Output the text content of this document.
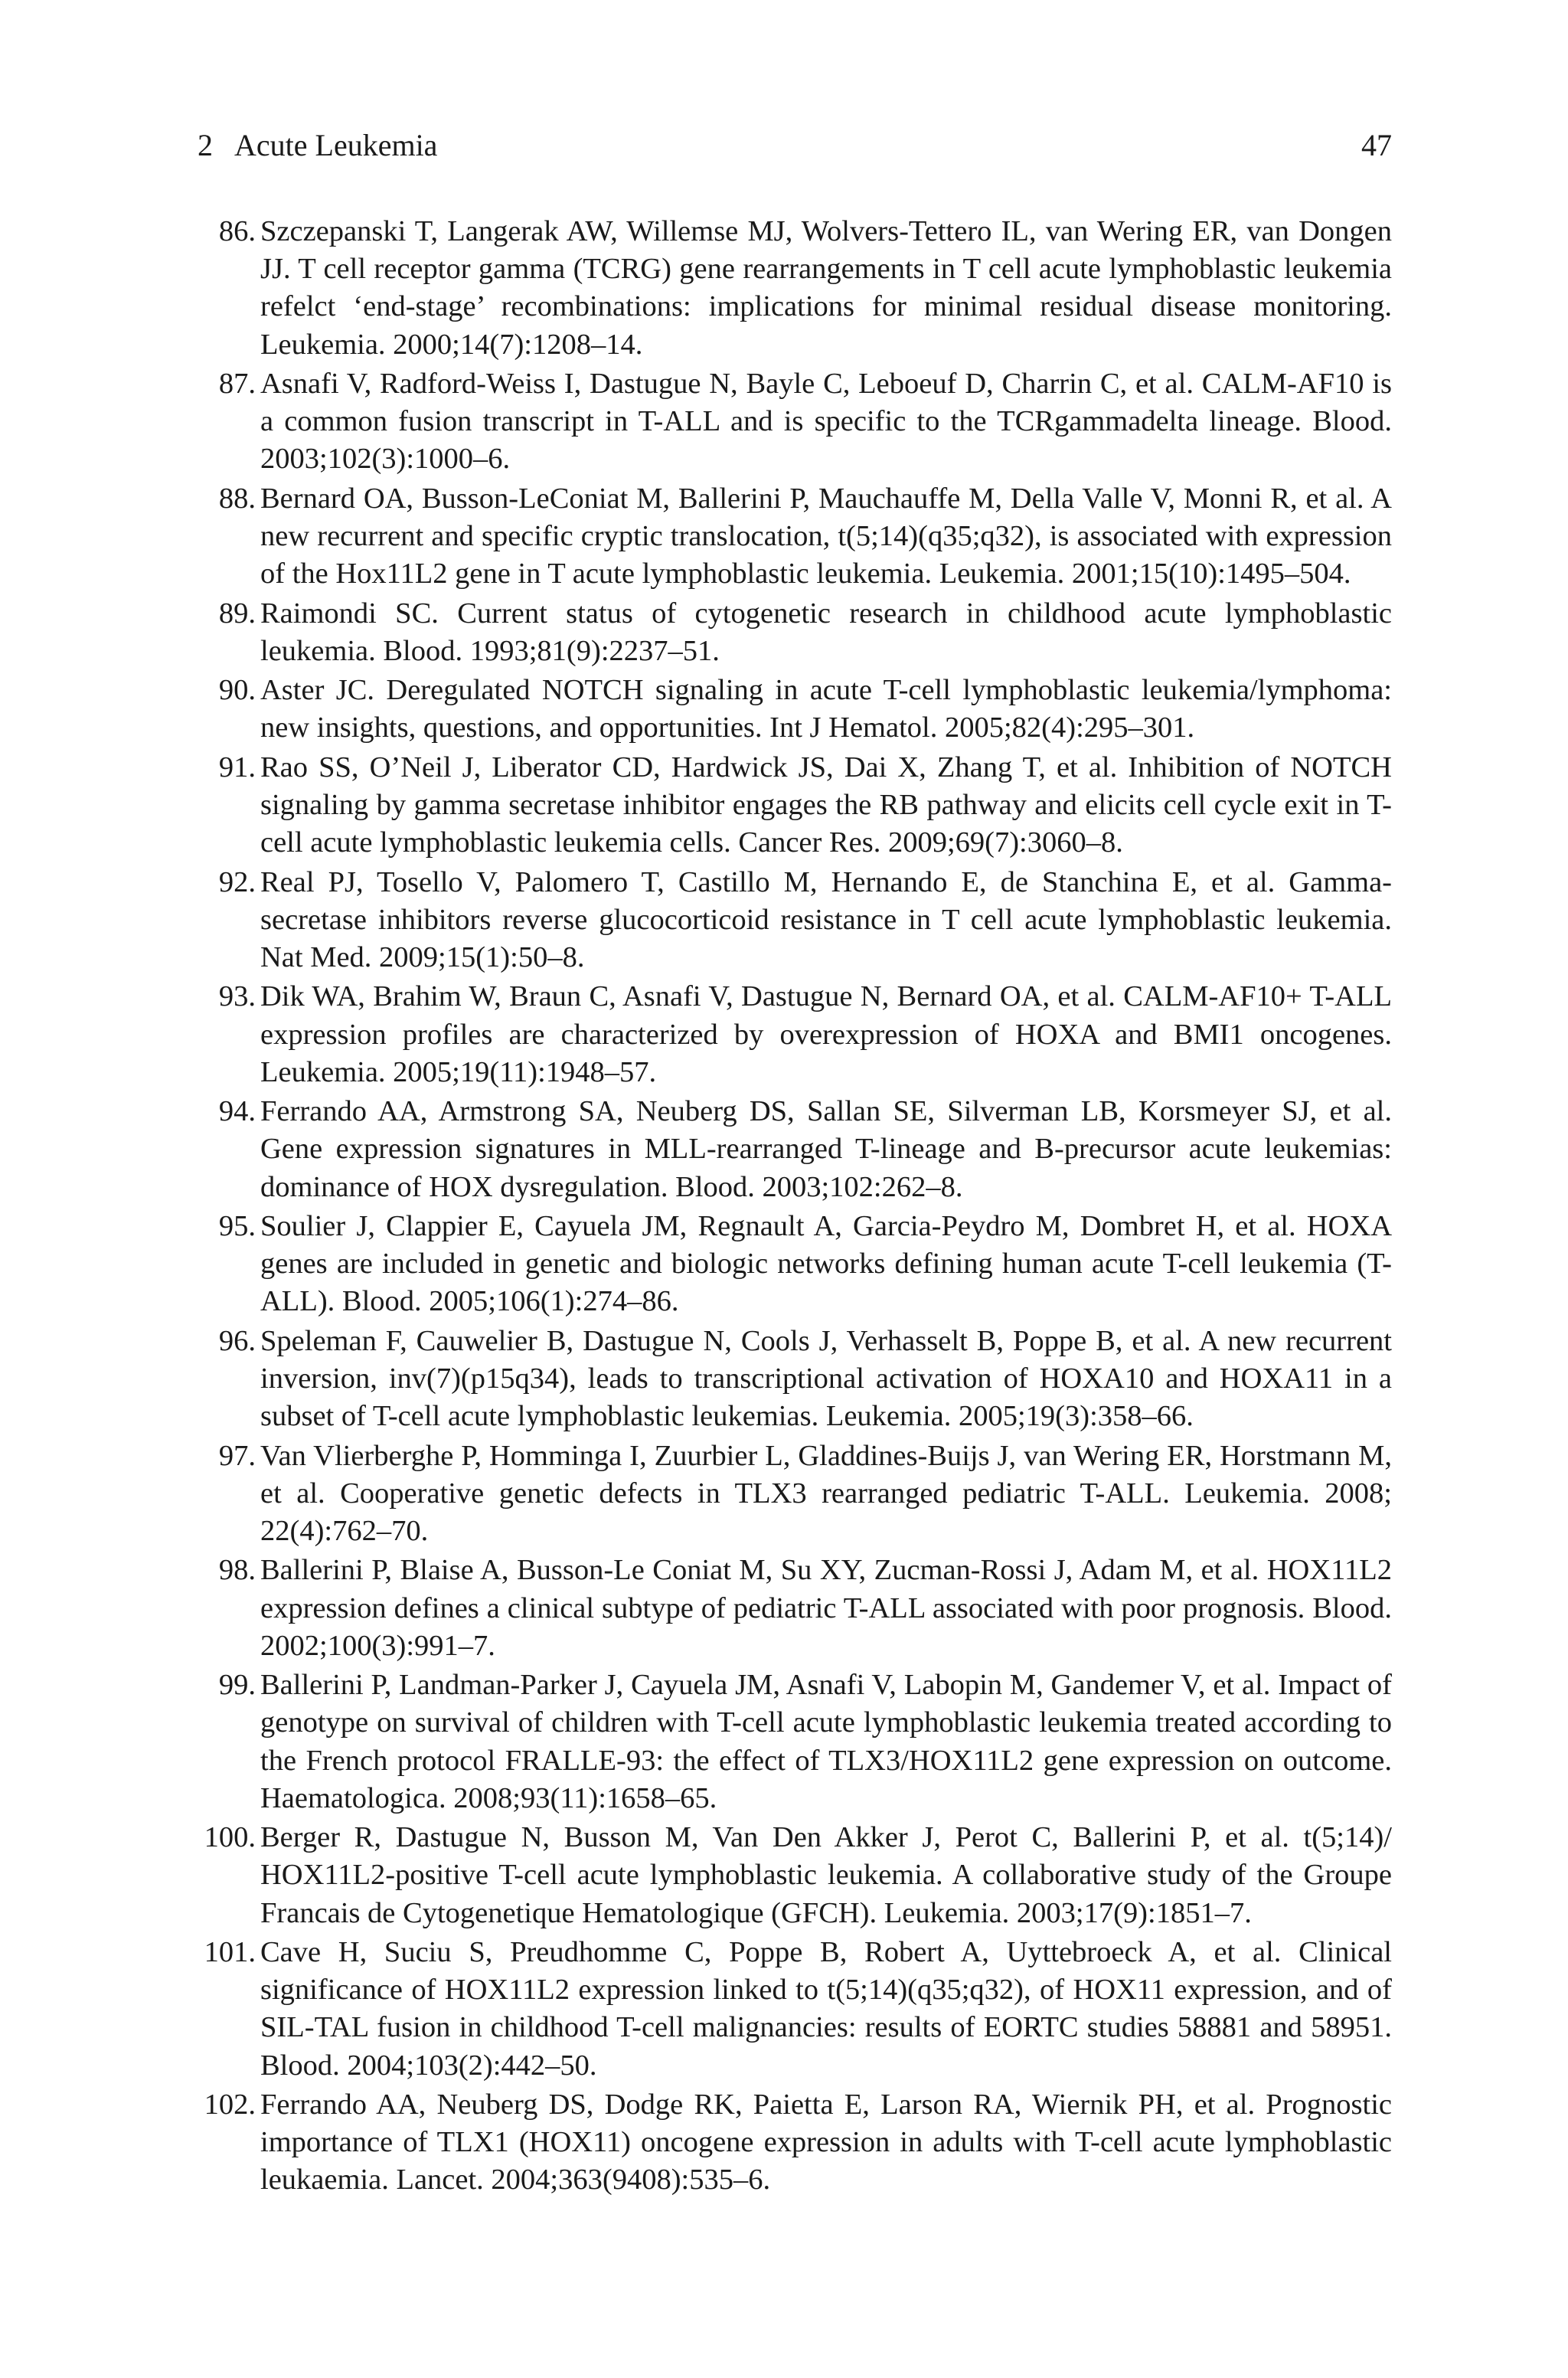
2 Acute Leukemia	47
86. Szczepanski T, Langerak AW, Willemse MJ, Wolvers-Tettero IL, van Wering ER, van Dongen JJ. T cell receptor gamma (TCRG) gene rearrangements in T cell acute lymphoblastic leukemia refelct ‘end-stage’ recombinations: implications for minimal residual disease monitoring. Leukemia. 2000;14(7):1208–14.
87. Asnafi V, Radford-Weiss I, Dastugue N, Bayle C, Leboeuf D, Charrin C, et al. CALM-AF10 is a common fusion transcript in T-ALL and is specific to the TCRgammadelta lineage. Blood. 2003;102(3):1000–6.
88. Bernard OA, Busson-LeConiat M, Ballerini P, Mauchauffe M, Della Valle V, Monni R, et al. A new recurrent and specific cryptic translocation, t(5;14)(q35;q32), is associated with expression of the Hox11L2 gene in T acute lymphoblastic leukemia. Leukemia. 2001;15(10):1495–504.
89. Raimondi SC. Current status of cytogenetic research in childhood acute lymphoblastic leukemia. Blood. 1993;81(9):2237–51.
90. Aster JC. Deregulated NOTCH signaling in acute T-cell lymphoblastic leukemia/lymphoma: new insights, questions, and opportunities. Int J Hematol. 2005;82(4):295–301.
91. Rao SS, O’Neil J, Liberator CD, Hardwick JS, Dai X, Zhang T, et al. Inhibition of NOTCH signaling by gamma secretase inhibitor engages the RB pathway and elicits cell cycle exit in T-cell acute lymphoblastic leukemia cells. Cancer Res. 2009;69(7):3060–8.
92. Real PJ, Tosello V, Palomero T, Castillo M, Hernando E, de Stanchina E, et al. Gamma-secretase inhibitors reverse glucocorticoid resistance in T cell acute lymphoblastic leukemia. Nat Med. 2009;15(1):50–8.
93. Dik WA, Brahim W, Braun C, Asnafi V, Dastugue N, Bernard OA, et al. CALM-AF10+ T-ALL expression profiles are characterized by overexpression of HOXA and BMI1 oncogenes. Leukemia. 2005;19(11):1948–57.
94. Ferrando AA, Armstrong SA, Neuberg DS, Sallan SE, Silverman LB, Korsmeyer SJ, et al. Gene expression signatures in MLL-rearranged T-lineage and B-precursor acute leukemias: dominance of HOX dysregulation. Blood. 2003;102:262–8.
95. Soulier J, Clappier E, Cayuela JM, Regnault A, Garcia-Peydro M, Dombret H, et al. HOXA genes are included in genetic and biologic networks defining human acute T-cell leukemia (T-ALL). Blood. 2005;106(1):274–86.
96. Speleman F, Cauwelier B, Dastugue N, Cools J, Verhasselt B, Poppe B, et al. A new recurrent inversion, inv(7)(p15q34), leads to transcriptional activation of HOXA10 and HOXA11 in a subset of T-cell acute lymphoblastic leukemias. Leukemia. 2005;19(3):358–66.
97. Van Vlierberghe P, Homminga I, Zuurbier L, Gladdines-Buijs J, van Wering ER, Horstmann M, et al. Cooperative genetic defects in TLX3 rearranged pediatric T-ALL. Leukemia. 2008; 22(4):762–70.
98. Ballerini P, Blaise A, Busson-Le Coniat M, Su XY, Zucman-Rossi J, Adam M, et al. HOX11L2 expression defines a clinical subtype of pediatric T-ALL associated with poor prognosis. Blood. 2002;100(3):991–7.
99. Ballerini P, Landman-Parker J, Cayuela JM, Asnafi V, Labopin M, Gandemer V, et al. Impact of genotype on survival of children with T-cell acute lymphoblastic leukemia treated according to the French protocol FRALLE-93: the effect of TLX3/HOX11L2 gene expression on outcome. Haematologica. 2008;93(11):1658–65.
100. Berger R, Dastugue N, Busson M, Van Den Akker J, Perot C, Ballerini P, et al. t(5;14)/ HOX11L2-positive T-cell acute lymphoblastic leukemia. A collaborative study of the Groupe Francais de Cytogenetique Hematologique (GFCH). Leukemia. 2003;17(9):1851–7.
101. Cave H, Suciu S, Preudhomme C, Poppe B, Robert A, Uyttebroeck A, et al. Clinical significance of HOX11L2 expression linked to t(5;14)(q35;q32), of HOX11 expression, and of SIL-TAL fusion in childhood T-cell malignancies: results of EORTC studies 58881 and 58951. Blood. 2004;103(2):442–50.
102. Ferrando AA, Neuberg DS, Dodge RK, Paietta E, Larson RA, Wiernik PH, et al. Prognostic importance of TLX1 (HOX11) oncogene expression in adults with T-cell acute lymphoblastic leukaemia. Lancet. 2004;363(9408):535–6.
